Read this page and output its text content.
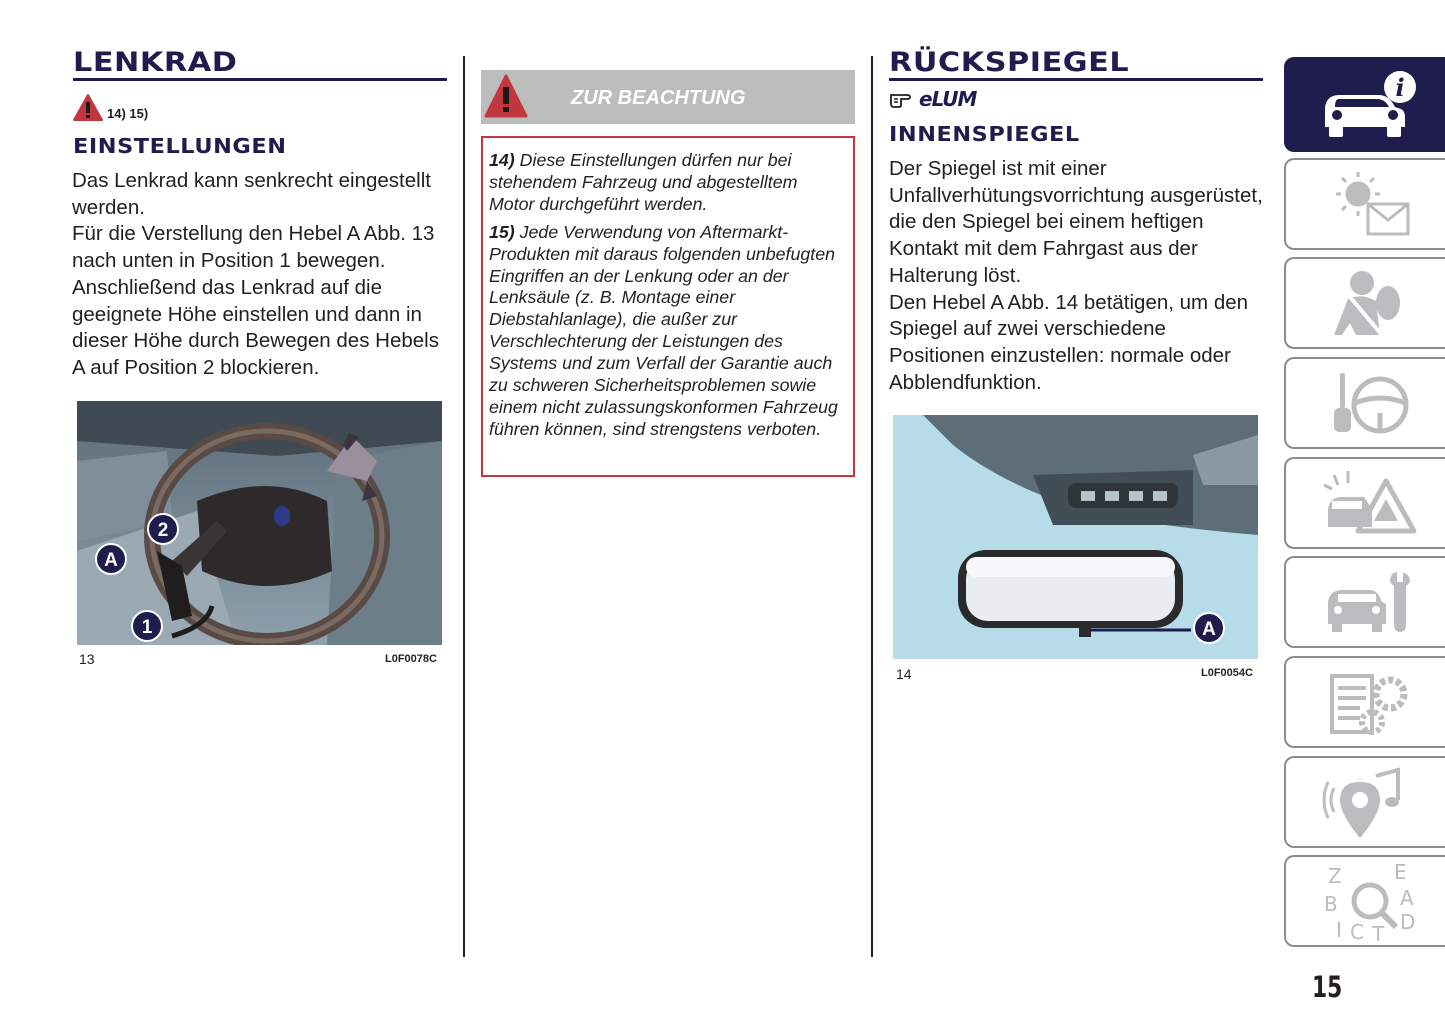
LENKRAD
14) 15)
EINSTELLUNGEN

Das Lenkrad kann senkrecht eingestellt werden.

Für die Verstellung den Hebel A Abb. 13 nach unten in Position 1 bewegen. Anschließend das Lenkrad auf die geeignete Höhe einstellen und dann in dieser Höhe durch Bewegen des Hebels A auf Position 2 blockieren.

2
A
1
13	L0F0078C
ZUR BEACHTUNG

14) Diese Einstellungen dürfen nur bei stehendem Fahrzeug und abgestelltem Motor durchgeführt werden.

15) Jede Verwendung von Aftermarkt-Produkten mit daraus folgenden unbefugten Eingriffen an der Lenkung oder an der Lenksäule (z. B. Montage einer Diebstahlanlage), die außer zur Verschlechterung der Leistungen des Systems und zum Verfall der Garantie auch zu schweren Sicherheitsproblemen sowie einem nicht zulassungskonformen Fahrzeug führen können, sind strengstens verboten.

RÜCKSPIEGEL
eLUM
INNENSPIEGEL

Der Spiegel ist mit einer Unfallverhütungsvorrichtung ausgerüstet, die den Spiegel bei einem heftigen Kontakt mit dem Fahrgast aus der Halterung löst.

Den Hebel A Abb. 14 betätigen, um den Spiegel auf zwei verschiedene Positionen einzustellen: normale oder Abblendfunktion.

A
14	L0F0054C
i
Z	E
B	A
I C T D
15
